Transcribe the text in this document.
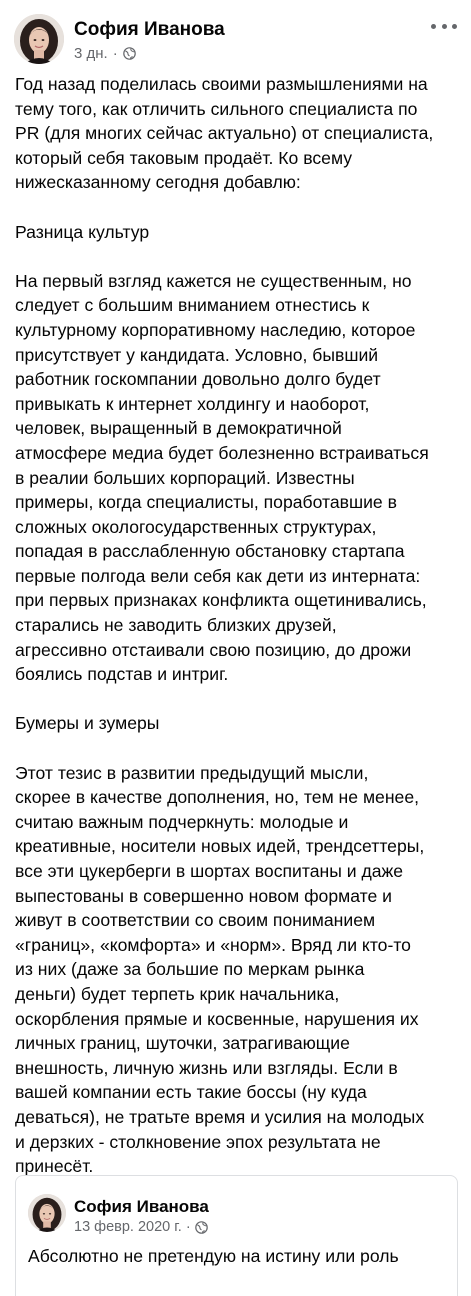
София Иванова
3 дн. ·

Год назад поделилась своими размышлениями на

тему того, как отличить сильного специалиста по

PR (для многих сейчас актуально) от специалиста,

который себя таковым продаёт. Ко всему

нижесказанному сегодня добавлю:

Разница культур

На первый взгляд кажется не существенным, но

следует с большим вниманием отнестись к

культурному корпоративному наследию, которое

присутствует у кандидата. Условно, бывший

работник госкомпании довольно долго будет

привыкать к интернет холдингу и наоборот,

человек, выращенный в демократичной

атмосфере медиа будет болезненно встраиваться

в реалии больших корпораций. Известны

примеры, когда специалисты, поработавшие в

сложных окологосударственных структурах,

попадая в расслабленную обстановку стартапа

первые полгода вели себя как дети из интерната:

при первых признаках конфликта ощетинивались,

старались не заводить близких друзей,

агрессивно отстаивали свою позицию, до дрожи

боялись подстав и интриг.

Бумеры и зумеры

Этот тезис в развитии предыдущий мысли,

скорее в качестве дополнения, но, тем не менее,

считаю важным подчеркнуть: молодые и

креативные, носители новых идей, трендсеттеры,

все эти цукерберги в шортах воспитаны и даже

выпестованы в совершенно новом формате и

живут в соответствии со своим пониманием

«границ», «комфорта» и «норм». Вряд ли кто-то

из них (даже за большие по меркам рынка

деньги) будет терпеть крик начальника,

оскорбления прямые и косвенные, нарушения их

личных границ, шуточки, затрагивающие

внешность, личную жизнь или взгляды. Если в

вашей компании есть такие боссы (ну куда

деваться), не тратьте время и усилия на молодых

и дерзких - столкновение эпох результата не

принесёт.

София Иванова
13 февр. 2020 г. ·
Абсолютно не претендую на истину или роль
